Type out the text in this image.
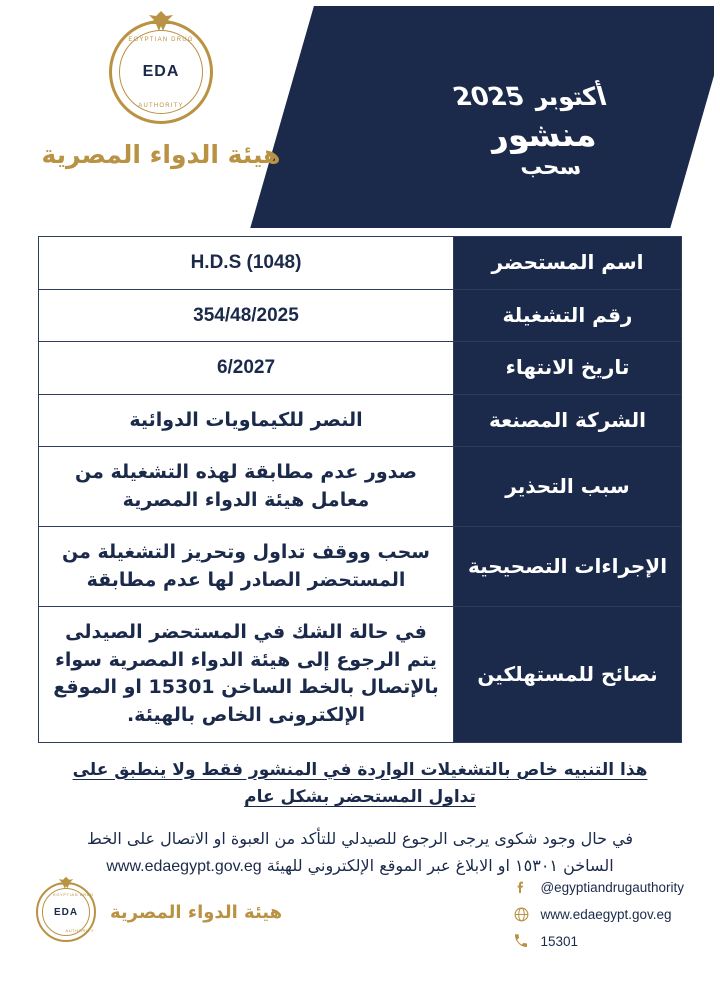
أكتوبر 2025
منشور
سحب
EGYPTIAN DRUG
EDA
AUTHORITY
هيئة الدواء المصرية
اسم المستحضر	H.D.S (1048)
رقم التشغيلة	354/48/2025
تاريخ الانتهاء	6/2027
الشركة المصنعة	النصر للكيماويات الدوائية
سبب التحذير	صدور عدم مطابقة لهذه التشغيلة من معامل هيئة الدواء المصرية
الإجراءات التصحيحية	سحب ووقف تداول وتحريز التشغيلة من المستحضر الصادر لها عدم مطابقة
نصائح للمستهلكين	في حالة الشك في المستحضر الصيدلى يتم الرجوع إلى هيئة الدواء المصرية سواء بالإتصال بالخط الساخن 15301 او الموقع الإلكترونى الخاص بالهيئة.
هذا التنبيه خاص بالتشغيلات الواردة في المنشور فقط ولا ينطبق على تداول المستحضر بشكل عام
في حال وجود شكوى يرجى الرجوع للصيدلي للتأكد من العبوة او الاتصال على الخط
الساخن ١٥٣٠١ او الابلاغ عبر الموقع الإلكتروني للهيئة www.edaegypt.gov.eg
هيئة الدواء المصرية
EGYPTIAN DRUG
EDA
AUTHORITY
@egyptiandrugauthority
www.edaegypt.gov.eg
15301
